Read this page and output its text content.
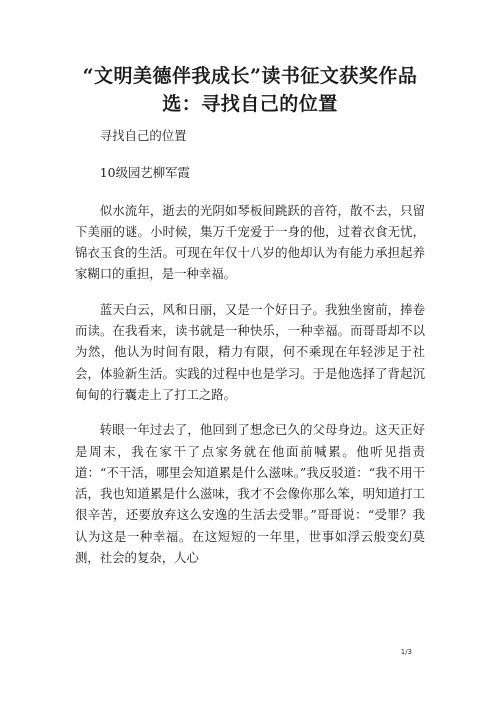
“文明美德伴我成长”读书征文获奖作品
选：寻找自己的位置

寻找自己的位置

10级园艺柳军霞

似水流年，逝去的光阴如琴板间跳跃的音符，散不去，只留下美丽的谜。小时候，集万千宠爱于一身的他，过着衣食无忧，锦衣玉食的生活。可现在年仅十八岁的他却认为有能力承担起养家糊口的重担，是一种幸福。

蓝天白云，风和日丽，又是一个好日子。我独坐窗前，捧卷而读。在我看来，读书就是一种快乐，一种幸福。而哥哥却不以为然，他认为时间有限，精力有限，何不乘现在年轻涉足于社会，体验新生活。实践的过程中也是学习。于是他选择了背起沉甸甸的行囊走上了打工之路。

转眼一年过去了，他回到了想念已久的父母身边。这天正好是周末，我在家干了点家务就在他面前喊累。他听见指责道：“不干活，哪里会知道累是什么滋味。”我反驳道：“我不用干活，我也知道累是什么滋味，我才不会像你那么笨，明知道打工很辛苦，还要放弃这么安逸的生活去受罪。”哥哥说：“受罪？我认为这是一种幸福。在这短短的一年里，世事如浮云般变幻莫测，社会的复杂，人心

1/3
